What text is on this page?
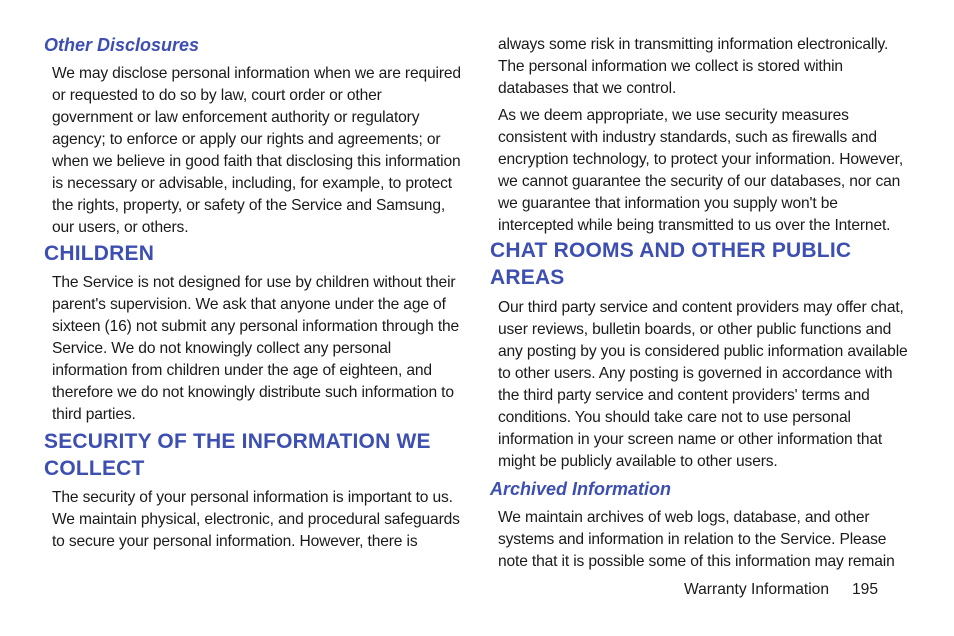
Other Disclosures
We may disclose personal information when we are required
or requested to do so by law, court order or other
government or law enforcement authority or regulatory
agency; to enforce or apply our rights and agreements; or
when we believe in good faith that disclosing this information
is necessary or advisable, including, for example, to protect
the rights, property, or safety of the Service and Samsung,
our users, or others.
CHILDREN
The Service is not designed for use by children without their
parent's supervision. We ask that anyone under the age of
sixteen (16) not submit any personal information through the
Service. We do not knowingly collect any personal
information from children under the age of eighteen, and
therefore we do not knowingly distribute such information to
third parties.
SECURITY OF THE INFORMATION WE
COLLECT
The security of your personal information is important to us.
We maintain physical, electronic, and procedural safeguards
to secure your personal information. However, there is
always some risk in transmitting information electronically.
The personal information we collect is stored within
databases that we control.
As we deem appropriate, we use security measures
consistent with industry standards, such as firewalls and
encryption technology, to protect your information. However,
we cannot guarantee the security of our databases, nor can
we guarantee that information you supply won't be
intercepted while being transmitted to us over the Internet.
CHAT ROOMS AND OTHER PUBLIC
AREAS
Our third party service and content providers may offer chat,
user reviews, bulletin boards, or other public functions and
any posting by you is considered public information available
to other users. Any posting is governed in accordance with
the third party service and content providers' terms and
conditions. You should take care not to use personal
information in your screen name or other information that
might be publicly available to other users.
Archived Information
We maintain archives of web logs, database, and other
systems and information in relation to the Service. Please
note that it is possible some of this information may remain
Warranty Information 195
